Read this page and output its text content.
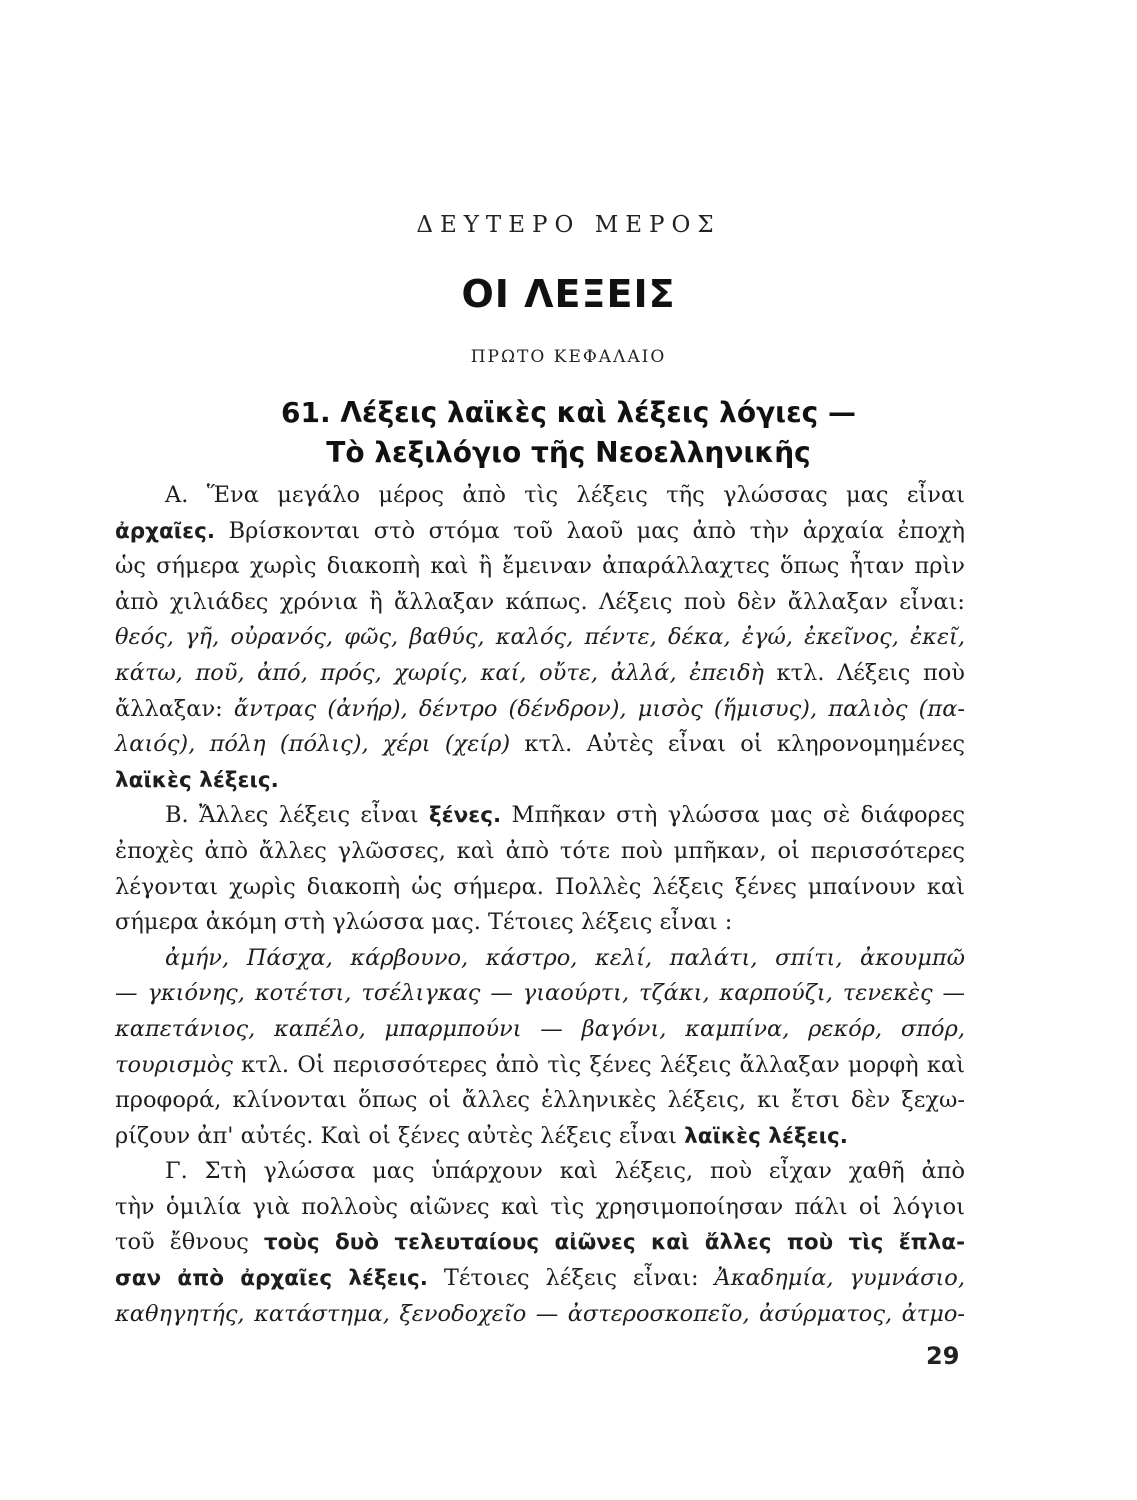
ΔΕΥΤΕΡΟ ΜΕΡΟΣ
ΟΙ ΛΕΞΕΙΣ
ΠΡΩΤΟ ΚΕΦΑΛΑΙΟ
61. Λέξεις λαϊκὲς καὶ λέξεις λόγιες —
Τὸ λεξιλόγιο τῆς Νεοελληνικῆς
Α. Ἕνα μεγάλο μέρος ἀπὸ τὶς λέξεις τῆς γλώσσας μας εἶναι
ἀρχαῖες. Βρίσκονται στὸ στόμα τοῦ λαοῦ μας ἀπὸ τὴν ἀρχαία ἐποχὴ
ὡς σήμερα χωρὶς διακοπὴ καὶ ἢ ἔμειναν ἀπαράλλαχτες ὅπως ἦταν πρὶν
ἀπὸ χιλιάδες χρόνια ἢ ἄλλαξαν κάπως. Λέξεις ποὺ δὲν ἄλλαξαν εἶναι:
θεός, γῆ, οὐρανός, φῶς, βαθύς, καλός, πέντε, δέκα, ἐγώ, ἐκεῖνος, ἐκεῖ,
κάτω, ποῦ, ἀπό, πρός, χωρίς, καί, οὔτε, ἀλλά, ἐπειδὴ κτλ. Λέξεις ποὺ
ἄλλαξαν: ἄντρας (ἀνήρ), δέντρο (δένδρον), μισὸς (ἥμισυς), παλιὸς (πα-
λαιός), πόλη (πόλις), χέρι (χείρ) κτλ. Αὐτὲς εἶναι οἱ κληρονομημένες
λαϊκὲς λέξεις.
Β. Ἄλλες λέξεις εἶναι ξένες. Μπῆκαν στὴ γλώσσα μας σὲ διάφορες
ἐποχὲς ἀπὸ ἄλλες γλῶσσες, καὶ ἀπὸ τότε ποὺ μπῆκαν, οἱ περισσότερες
λέγονται χωρὶς διακοπὴ ὡς σήμερα. Πολλὲς λέξεις ξένες μπαίνουν καὶ
σήμερα ἀκόμη στὴ γλώσσα μας. Τέτοιες λέξεις εἶναι :
ἀμήν, Πάσχα, κάρβουνο, κάστρο, κελί, παλάτι, σπίτι, ἀκουμπῶ
— γκιόνης, κοτέτσι, τσέλιγκας — γιαούρτι, τζάκι, καρπούζι, τενεκὲς —
καπετάνιος, καπέλο, μπαρμπούνι — βαγόνι, καμπίνα, ρεκόρ, σπόρ,
τουρισμὸς κτλ. Οἱ περισσότερες ἀπὸ τὶς ξένες λέξεις ἄλλαξαν μορφὴ καὶ
προφορά, κλίνονται ὅπως οἱ ἄλλες ἑλληνικὲς λέξεις, κι ἔτσι δὲν ξεχω-
ρίζουν ἀπ' αὐτές. Καὶ οἱ ξένες αὐτὲς λέξεις εἶναι λαϊκὲς λέξεις.
Γ. Στὴ γλώσσα μας ὑπάρχουν καὶ λέξεις, ποὺ εἶχαν χαθῆ ἀπὸ
τὴν ὁμιλία γιὰ πολλοὺς αἰῶνες καὶ τὶς χρησιμοποίησαν πάλι οἱ λόγιοι
τοῦ ἔθνους τοὺς δυὸ τελευταίους αἰῶνες καὶ ἄλλες ποὺ τὶς ἔπλα-
σαν ἀπὸ ἀρχαῖες λέξεις. Τέτοιες λέξεις εἶναι: Ἀκαδημία, γυμνάσιο,
καθηγητής, κατάστημα, ξενοδοχεῖο — ἀστεροσκοπεῖο, ἀσύρματος, ἀτμο-
29
